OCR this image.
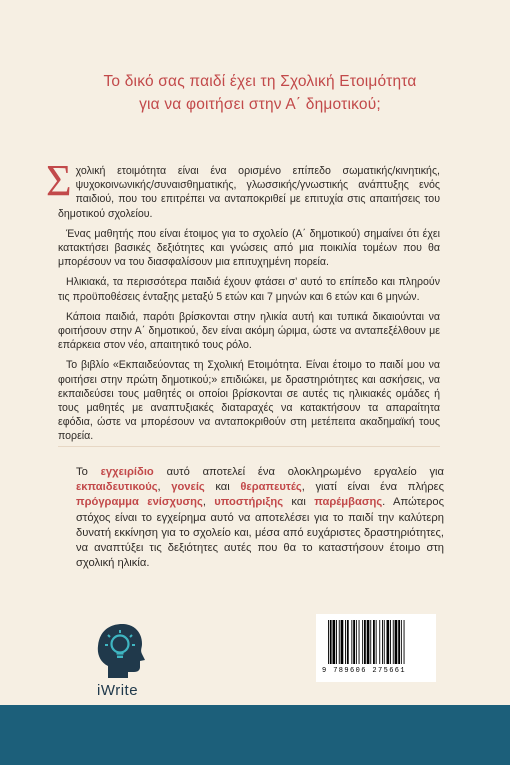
Το δικό σας παιδί έχει τη Σχολική Ετοιμότητα
για να φοιτήσει στην Α΄ δημοτικού;

Σχολική ετοιμότητα είναι ένα ορισμένο επίπεδο σωματικής/κινητικής, ψυχοκοινωνικής/συναισθηματικής, γλωσσικής/γνωστικής ανάπτυξης ενός παιδιού, που του επιτρέπει να ανταποκριθεί με επιτυχία στις απαιτήσεις του δημοτικού σχολείου.

Ένας μαθητής που είναι έτοιμος για το σχολείο (Α΄ δημοτικού) σημαίνει ότι έχει κατακτήσει βασικές δεξιότητες και γνώσεις από μια ποικιλία τομέων που θα μπορέσουν να του διασφαλίσουν μια επιτυχημένη πορεία.

Ηλικιακά, τα περισσότερα παιδιά έχουν φτάσει σ’ αυτό το επίπεδο και πληρούν τις προϋποθέσεις ένταξης μεταξύ 5 ετών και 7 μηνών και 6 ετών και 6 μηνών.

Κάποια παιδιά, παρότι βρίσκονται στην ηλικία αυτή και τυπικά δικαιούνται να φοιτήσουν στην Α΄ δημοτικού, δεν είναι ακόμη ώριμα, ώστε να ανταπεξέλθουν με επάρκεια στον νέο, απαιτητικό τους ρόλο.

Το βιβλίο «Εκπαιδεύοντας τη Σχολική Ετοιμότητα. Είναι έτοιμο το παιδί μου να φοιτήσει στην πρώτη δημοτικού;» επιδιώκει, με δραστηριότητες και ασκήσεις, να εκπαιδεύσει τους μαθητές οι οποίοι βρίσκονται σε αυτές τις ηλικιακές ομάδες ή τους μαθητές με αναπτυξιακές διαταραχές να κατακτήσουν τα απαραίτητα εφόδια, ώστε να μπορέσουν να ανταποκριθούν στη μετέπειτα ακαδημαϊκή τους πορεία.

Το εγχειρίδιο αυτό αποτελεί ένα ολοκληρωμένο εργαλείο για εκπαιδευτικούς, γονείς και θεραπευτές, γιατί είναι ένα πλήρες πρόγραμμα ενίσχυσης, υποστήριξης και παρέμβασης. Απώτερος στόχος είναι το εγχείρημα αυτό να αποτελέσει για το παιδί την καλύτερη δυνατή εκκίνηση για το σχολείο και, μέσα από ευχάριστες δραστηριότητες, να αναπτύξει τις δεξιότητες αυτές που θα το καταστήσουν έτοιμο στη σχολική ηλικία.

iWrite
9 789606 275661
